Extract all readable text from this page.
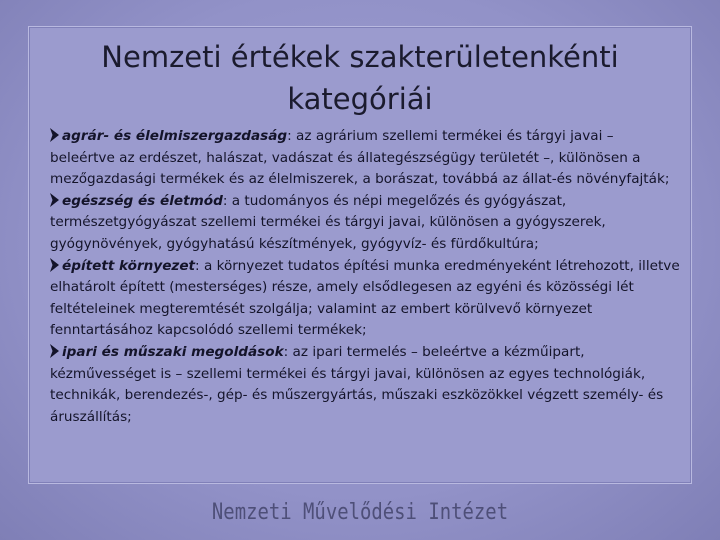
Nemzeti értékek szakterületenkénti kategóriái

agrár- és élelmiszergazdaság: az agrárium szellemi termékei és tárgyi javai – beleértve az erdészet, halászat, vadászat és állategészségügy területét –, különösen a mezőgazdasági termékek és az élelmiszerek, a borászat, továbbá az állat-és növényfajták;

egészség és életmód: a tudományos és népi megelőzés és gyógyászat, természetgyógyászat szellemi termékei és tárgyi javai, különösen a gyógyszerek, gyógynövények, gyógyhatású készítmények, gyógyvíz- és fürdőkultúra;

épített környezet: a környezet tudatos építési munka eredményeként létrehozott, illetve elhatárolt épített (mesterséges) része, amely elsődlegesen az egyéni és közösségi lét feltételeinek megteremtését szolgálja; valamint az embert körülvevő környezet fenntartásához kapcsolódó szellemi termékek;

ipari és műszaki megoldások: az ipari termelés – beleértve a kézműipart, kézművességet is – szellemi termékei és tárgyi javai, különösen az egyes technológiák, technikák, berendezés-, gép- és műszergyártás, műszaki eszközökkel végzett személy- és áruszállítás;

Nemzeti Művelődési Intézet
